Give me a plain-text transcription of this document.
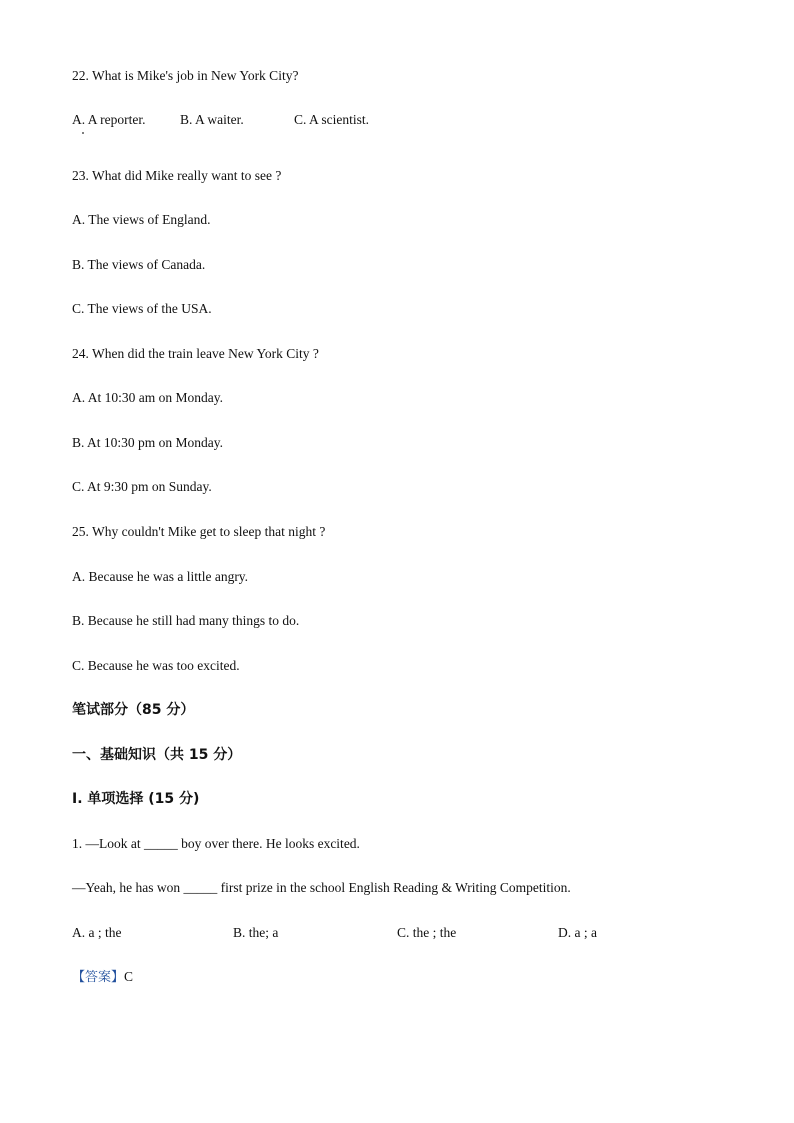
22. What is Mike's job in New York City?
A. A reporter.	B. A waiter.	C. A scientist.
23. What did Mike really want to see ?
A. The views of England.
B. The views of Canada.
C. The views of the USA.
24. When did the train leave New York City ?
A. At 10:30 am on Monday.
B. At 10:30 pm on Monday.
C. At 9:30 pm on Sunday.
25. Why couldn't Mike get to sleep that night ?
A. Because he was a little angry.
B. Because he still had many things to do.
C. Because he was too excited.
笔试部分（85 分）
一、基础知识（共 15 分）
I. 单项选择 (15 分)
1. —Look at _____ boy over there. He looks excited.
—Yeah, he has won _____ first prize in the school English Reading & Writing Competition.
A. a ; the	B. the; a	C. the ; the	D. a ; a
【答案】C
